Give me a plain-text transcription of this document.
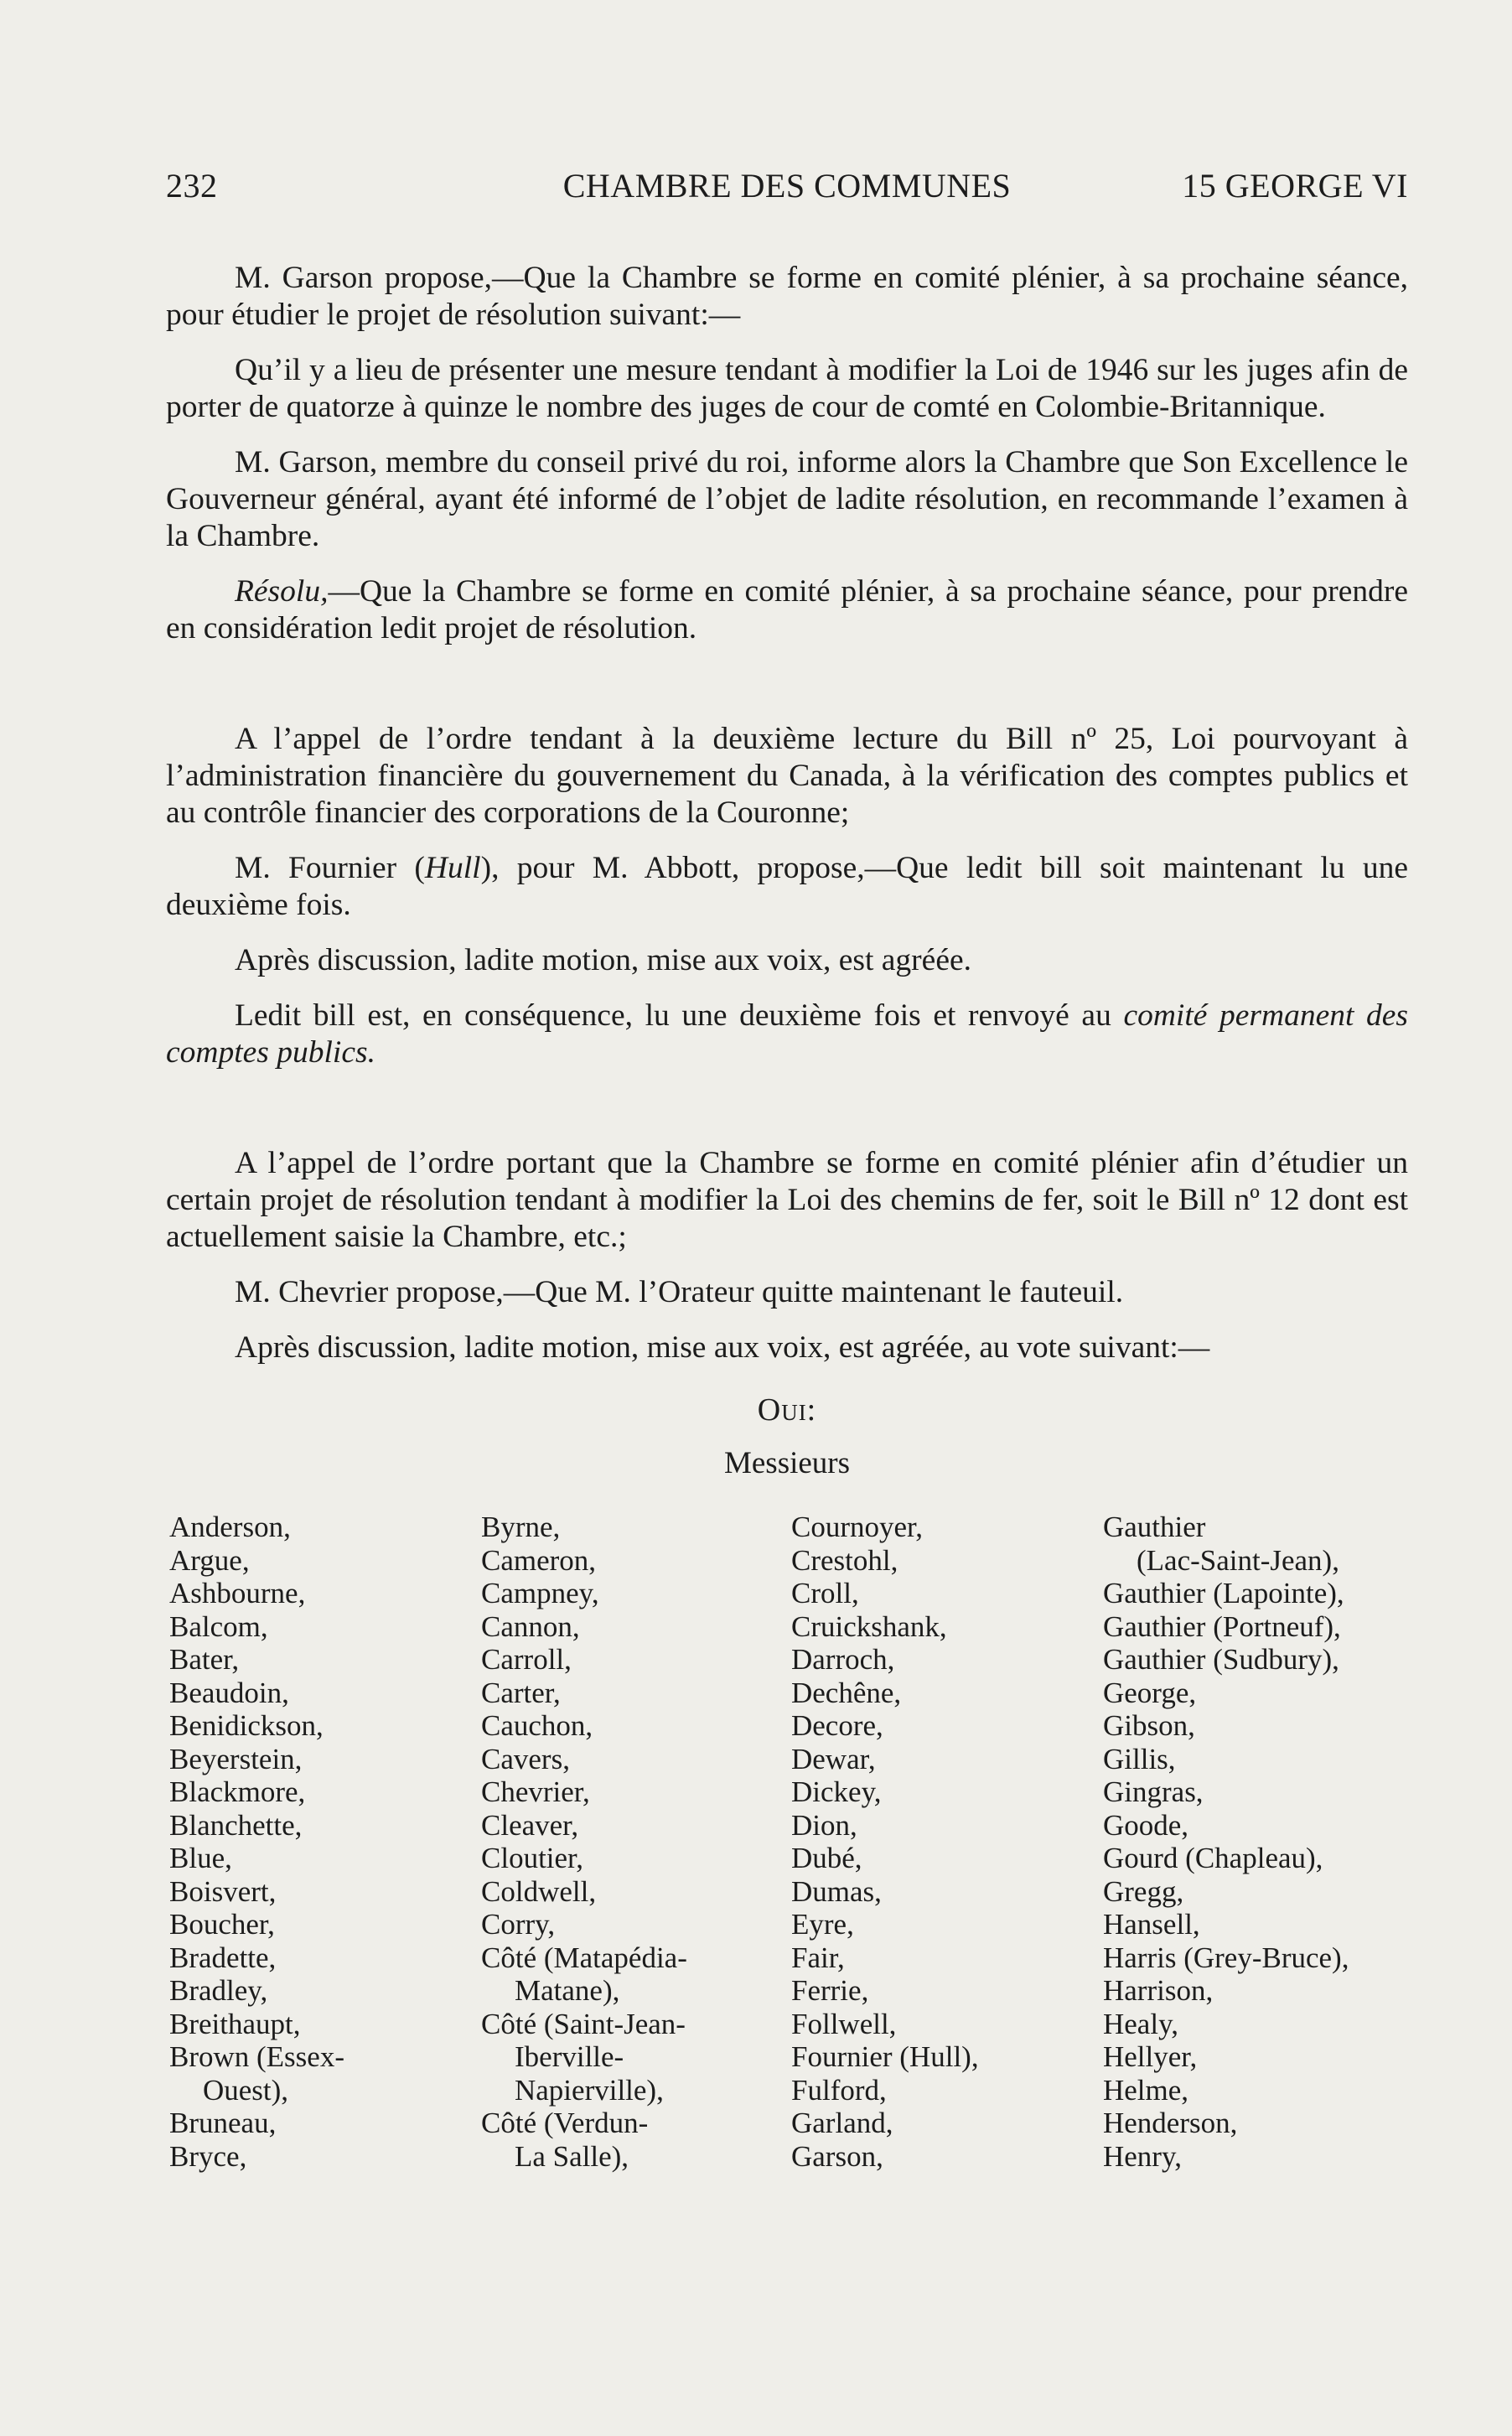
232	CHAMBRE DES COMMUNES	15 GEORGE VI

M. Garson propose,—Que la Chambre se forme en comité plénier, à sa prochaine séance, pour étudier le projet de résolution suivant:—

Qu’il y a lieu de présenter une mesure tendant à modifier la Loi de 1946 sur les juges afin de porter de quatorze à quinze le nombre des juges de cour de comté en Colombie-Britannique.

M. Garson, membre du conseil privé du roi, informe alors la Chambre que Son Excellence le Gouverneur général, ayant été informé de l’objet de ladite résolution, en recommande l’examen à la Chambre.

Résolu,—Que la Chambre se forme en comité plénier, à sa prochaine séance, pour prendre en considération ledit projet de résolution.

A l’appel de l’ordre tendant à la deuxième lecture du Bill nº 25, Loi pourvoyant à l’administration financière du gouvernement du Canada, à la vérification des comptes publics et au contrôle financier des corporations de la Couronne;

M. Fournier (Hull), pour M. Abbott, propose,—Que ledit bill soit maintenant lu une deuxième fois.

Après discussion, ladite motion, mise aux voix, est agréée.

Ledit bill est, en conséquence, lu une deuxième fois et renvoyé au comité permanent des comptes publics.

A l’appel de l’ordre portant que la Chambre se forme en comité plénier afin d’étudier un certain projet de résolution tendant à modifier la Loi des chemins de fer, soit le Bill nº 12 dont est actuellement saisie la Chambre, etc.;

M. Chevrier propose,—Que M. l’Orateur quitte maintenant le fauteuil.

Après discussion, ladite motion, mise aux voix, est agréée, au vote suivant:—

Oui:
Messieurs
Anderson,
Argue,
Ashbourne,
Balcom,
Bater,
Beaudoin,
Benidickson,
Beyerstein,
Blackmore,
Blanchette,
Blue,
Boisvert,
Boucher,
Bradette,
Bradley,
Breithaupt,
Brown (Essex-
Ouest),
Bruneau,
Bryce,
Byrne,
Cameron,
Campney,
Cannon,
Carroll,
Carter,
Cauchon,
Cavers,
Chevrier,
Cleaver,
Cloutier,
Coldwell,
Corry,
Côté (Matapédia-
Matane),
Côté (Saint-Jean-
Iberville-
Napierville),
Côté (Verdun-
La Salle),
Cournoyer,
Crestohl,
Croll,
Cruickshank,
Darroch,
Dechêne,
Decore,
Dewar,
Dickey,
Dion,
Dubé,
Dumas,
Eyre,
Fair,
Ferrie,
Follwell,
Fournier (Hull),
Fulford,
Garland,
Garson,
Gauthier
(Lac-Saint-Jean),
Gauthier (Lapointe),
Gauthier (Portneuf),
Gauthier (Sudbury),
George,
Gibson,
Gillis,
Gingras,
Goode,
Gourd (Chapleau),
Gregg,
Hansell,
Harris (Grey-Bruce),
Harrison,
Healy,
Hellyer,
Helme,
Henderson,
Henry,
